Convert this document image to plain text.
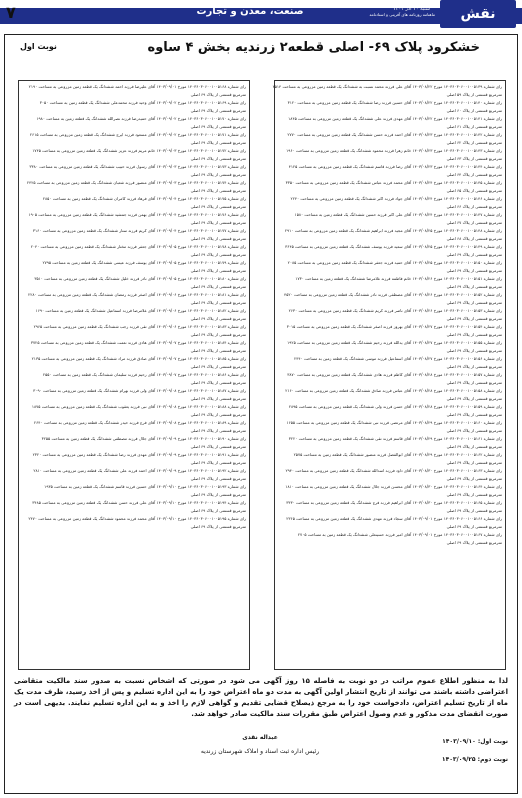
۷	صنعت، معدن و تجارت	ماهنامه روزنامه های آفرینی و اسنادنامه
شنبه ۱۰ آذر ۱۴۰۳	نقش
خشکرود پلاک ۶۹- اصلی قطعه۲ زرندیه بخش ۴ ساوه
نوبت اول
رای شماره ۱۴۰۳۶۰۳۰۶۰۰۱۰۰۵۱۳۹ مورخ ۱۴۰۳/۰۸/۲۲ آقای علی فرزند محمد نسبت به ششدانگ یک قطعه زمین مزروعی به مساحت ۲۵۱۴
مترمربع قسمتی از پلاک ۵۹ اصلی
رای شماره ۱۴۰۳۶۰۳۰۶۰۰۱۰۰۵۱۴۰ مورخ ۱۴۰۳/۰۸/۲۲ آقای حسین فرزند رضا ششدانگ یک قطعه زمین مزروعی به مساحت ۳۱۲۰
مترمربع قسمتی از پلاک ۶۰ اصلی
رای شماره ۱۴۰۳۶۰۳۰۶۰۰۱۰۰۵۱۴۱ مورخ ۱۴۰۳/۰۸/۲۲ آقای مهدی فرزند علی ششدانگ یک قطعه زمین مزروعی به مساحت ۱۸۴۵
مترمربع قسمتی از پلاک ۶۱ اصلی
رای شماره ۱۴۰۳۶۰۳۰۶۰۰۱۰۰۵۱۴۲ مورخ ۱۴۰۳/۰۸/۲۳ آقای احمد فرزند حسن ششدانگ یک قطعه زمین مزروعی به مساحت ۲۷۷۰
مترمربع قسمتی از پلاک ۶۲ اصلی
رای شماره ۱۴۰۳۶۰۳۰۶۰۰۱۰۰۵۱۴۳ مورخ ۱۴۰۳/۰۸/۲۳ خانم زهرا فرزند محمود ششدانگ یک قطعه زمین مزروعی به مساحت ۱۹۶۰
مترمربع قسمتی از پلاک ۶۳ اصلی
رای شماره ۱۴۰۳۶۰۳۰۶۰۰۱۰۰۵۱۴۴ مورخ ۱۴۰۳/۰۸/۲۳ آقای رضا فرزند قاسم ششدانگ یک قطعه زمین مزروعی به مساحت ۴۱۲۵
مترمربع قسمتی از پلاک ۶۴ اصلی
رای شماره ۱۴۰۳۶۰۳۰۶۰۰۱۰۰۵۱۴۵ مورخ ۱۴۰۳/۰۸/۲۴ آقای محمد فرزند عباس ششدانگ یک قطعه زمین مزروعی به مساحت ۳۳۵۰
مترمربع قسمتی از پلاک ۶۵ اصلی
رای شماره ۱۴۰۳۶۰۳۰۶۰۰۱۰۰۵۱۴۶ مورخ ۱۴۰۳/۰۸/۲۴ آقای جواد فرزند اکبر ششدانگ یک قطعه زمین مزروعی به مساحت ۲۲۴۰
مترمربع قسمتی از پلاک ۶۶ اصلی
رای شماره ۱۴۰۳۶۰۳۰۶۰۰۱۰۰۵۱۴۷ مورخ ۱۴۰۳/۰۸/۲۴ آقای علی اکبر فرزند حسین ششدانگ یک قطعه زمین به مساحت ۱۵۸۰
مترمربع قسمتی از پلاک ۶۷ اصلی
رای شماره ۱۴۰۳۶۰۳۰۶۰۰۱۰۰۵۱۴۸ مورخ ۱۴۰۳/۰۸/۲۵ آقای مجید فرزند ابراهیم ششدانگ یک قطعه زمین مزروعی به مساحت ۲۹۱۰
مترمربع قسمتی از پلاک ۶۸ اصلی
رای شماره ۱۴۰۳۶۰۳۰۶۰۰۱۰۰۵۱۴۹ مورخ ۱۴۰۳/۰۸/۲۵ آقای سعید فرزند یوسف ششدانگ یک قطعه زمین مزروعی به مساحت ۳۶۴۵
مترمربع قسمتی از پلاک ۶۹ اصلی
رای شماره ۱۴۰۳۶۰۳۰۶۰۰۱۰۰۵۱۵۰ مورخ ۱۴۰۳/۰۸/۲۵ آقای حمید فرزند جعفر ششدانگ یک قطعه زمین مزروعی به مساحت ۲۰۸۵
مترمربع قسمتی از پلاک ۶۹ اصلی
رای شماره ۱۴۰۳۶۰۳۰۶۰۰۱۰۰۵۱۵۱ مورخ ۱۴۰۳/۰۸/۲۶ خانم فاطمه فرزند غلامرضا ششدانگ یک قطعه زمین به مساحت ۱۷۳۰
مترمربع قسمتی از پلاک ۶۹ اصلی
رای شماره ۱۴۰۳۶۰۳۰۶۰۰۱۰۰۵۱۵۲ مورخ ۱۴۰۳/۰۸/۲۶ آقای مصطفی فرزند نادر ششدانگ یک قطعه زمین مزروعی به مساحت ۴۵۲۰
مترمربع قسمتی از پلاک ۶۹ اصلی
رای شماره ۱۴۰۳۶۰۳۰۶۰۰۱۰۰۵۱۵۳ مورخ ۱۴۰۳/۰۸/۲۶ آقای ناصر فرزند کریم ششدانگ یک قطعه زمین مزروعی به مساحت ۲۶۳۰
مترمربع قسمتی از پلاک ۶۹ اصلی
رای شماره ۱۴۰۳۶۰۳۰۶۰۰۱۰۰۵۱۵۴ مورخ ۱۴۰۳/۰۸/۲۷ آقای بهروز فرزند اصغر ششدانگ یک قطعه زمین مزروعی به مساحت ۳۰۱۵
مترمربع قسمتی از پلاک ۶۹ اصلی
رای شماره ۱۴۰۳۶۰۳۰۶۰۰۱۰۰۵۱۵۵ مورخ ۱۴۰۳/۰۸/۲۷ آقای یدالله فرزند رحیم ششدانگ یک قطعه زمین مزروعی به مساحت ۱۹۲۵
مترمربع قسمتی از پلاک ۶۹ اصلی
رای شماره ۱۴۰۳۶۰۳۰۶۰۰۱۰۰۵۱۵۶ مورخ ۱۴۰۳/۰۸/۲۷ آقای اسماعیل فرزند موسی ششدانگ یک قطعه زمین به مساحت ۲۴۴۰
مترمربع قسمتی از پلاک ۶۹ اصلی
رای شماره ۱۴۰۳۶۰۳۰۶۰۰۱۰۰۵۱۵۷ مورخ ۱۴۰۳/۰۸/۲۸ آقای کاظم فرزند هادی ششدانگ یک قطعه زمین مزروعی به مساحت ۳۸۷۰
مترمربع قسمتی از پلاک ۶۹ اصلی
رای شماره ۱۴۰۳۶۰۳۰۶۰۰۱۰۰۵۱۵۸ مورخ ۱۴۰۳/۰۸/۲۸ آقای عباس فرزند صادق ششدانگ یک قطعه زمین مزروعی به مساحت ۲۱۶۰
مترمربع قسمتی از پلاک ۶۹ اصلی
رای شماره ۱۴۰۳۶۰۳۰۶۰۰۱۰۰۵۱۵۹ مورخ ۱۴۰۳/۰۸/۲۸ آقای حسن فرزند ولی ششدانگ یک قطعه زمین مزروعی به مساحت ۲۸۹۵
مترمربع قسمتی از پلاک ۶۹ اصلی
رای شماره ۱۴۰۳۶۰۳۰۶۰۰۱۰۰۵۱۶۰ مورخ ۱۴۰۳/۰۸/۲۹ آقای مرتضی فرزند نبی ششدانگ یک قطعه زمین مزروعی به مساحت ۱۶۵۵
مترمربع قسمتی از پلاک ۶۹ اصلی
رای شماره ۱۴۰۳۶۰۳۰۶۰۰۱۰۰۵۱۶۱ مورخ ۱۴۰۳/۰۸/۲۹ آقای قاسم فرزند تقی ششدانگ یک قطعه زمین مزروعی به مساحت ۳۲۲۰
مترمربع قسمتی از پلاک ۶۹ اصلی
رای شماره ۱۴۰۳۶۰۳۰۶۰۰۱۰۰۵۱۶۲ مورخ ۱۴۰۳/۰۸/۲۹ آقای ابوالفضل فرزند منصور ششدانگ یک قطعه زمین به مساحت ۲۵۷۵
مترمربع قسمتی از پلاک ۶۹ اصلی
رای شماره ۱۴۰۳۶۰۳۰۶۰۰۱۰۰۵۱۶۳ مورخ ۱۴۰۳/۰۸/۳۰ آقای داود فرزند اسدالله ششدانگ یک قطعه زمین مزروعی به مساحت ۲۹۴۰
مترمربع قسمتی از پلاک ۶۹ اصلی
رای شماره ۱۴۰۳۶۰۳۰۶۰۰۱۰۰۵۱۶۴ مورخ ۱۴۰۳/۰۸/۳۰ آقای محسن فرزند جلال ششدانگ یک قطعه زمین مزروعی به مساحت ۱۸۱۰
مترمربع قسمتی از پلاک ۶۹ اصلی
رای شماره ۱۴۰۳۶۰۳۰۶۰۰۱۰۰۵۱۶۵ مورخ ۱۴۰۳/۰۸/۳۰ آقای ابراهیم فرزند فرج ششدانگ یک قطعه زمین مزروعی به مساحت ۳۴۳۰
مترمربع قسمتی از پلاک ۶۹ اصلی
رای شماره ۱۴۰۳۶۰۳۰۶۰۰۱۰۰۵۱۶۶ مورخ ۱۴۰۳/۰۹/۰۱ آقای سجاد فرزند مهدی ششدانگ یک قطعه زمین مزروعی به مساحت ۲۳۶۵
مترمربع قسمتی از پلاک ۶۹ اصلی
رای شماره ۱۴۰۳۶۰۳۰۶۰۰۱۰۰۵۱۶۷ مورخ ۱۴۰۳/۰۹/۰۱ آقای امیر فرزند حسینعلی ششدانگ یک قطعه زمین به مساحت ۲۷۰۵
مترمربع قسمتی از پلاک ۶۹ اصلی
رای شماره ۱۴۰۳۶۰۳۰۶۰۰۱۰۰۵۱۶۸ مورخ ۱۴۰۳/۰۹/۰۱ آقای علیرضا فرزند احمد ششدانگ یک قطعه زمین مزروعی به مساحت ۲۱۹۰
مترمربع قسمتی از پلاک ۶۹ اصلی
رای شماره ۱۴۰۳۶۰۳۰۶۰۰۱۰۰۵۱۶۹ مورخ ۱۴۰۳/۰۹/۰۲ آقای وحید فرزند محمدعلی ششدانگ یک قطعه زمین به مساحت ۳۰۵۰
مترمربع قسمتی از پلاک ۶۹ اصلی
رای شماره ۱۴۰۳۶۰۳۰۶۰۰۱۰۰۵۱۷۰ مورخ ۱۴۰۳/۰۹/۰۲ آقای حمیدرضا فرزند نصرالله ششدانگ یک قطعه زمین به مساحت ۱۹۸۰
مترمربع قسمتی از پلاک ۶۹ اصلی
رای شماره ۱۴۰۳۶۰۳۰۶۰۰۱۰۰۵۱۷۱ مورخ ۱۴۰۳/۰۹/۰۲ آقای مسعود فرزند ایرج ششدانگ یک قطعه زمین مزروعی به مساحت ۲۶۱۵
مترمربع قسمتی از پلاک ۶۹ اصلی
رای شماره ۱۴۰۳۶۰۳۰۶۰۰۱۰۰۵۱۷۲ مورخ ۱۴۰۳/۰۹/۰۳ خانم مریم فرزند عزیز ششدانگ یک قطعه زمین مزروعی به مساحت ۱۷۴۵
مترمربع قسمتی از پلاک ۶۹ اصلی
رای شماره ۱۴۰۳۶۰۳۰۶۰۰۱۰۰۵۱۷۳ مورخ ۱۴۰۳/۰۹/۰۳ آقای رسول فرزند حبیب ششدانگ یک قطعه زمین مزروعی به مساحت ۳۳۸۰
مترمربع قسمتی از پلاک ۶۹ اصلی
رای شماره ۱۴۰۳۶۰۳۰۶۰۰۱۰۰۵۱۷۴ مورخ ۱۴۰۳/۰۹/۰۳ آقای منصور فرزند شعبان ششدانگ یک قطعه زمین مزروعی به مساحت ۲۴۲۵
مترمربع قسمتی از پلاک ۶۹ اصلی
رای شماره ۱۴۰۳۶۰۳۰۶۰۰۱۰۰۵۱۷۵ مورخ ۱۴۰۳/۰۹/۰۴ آقای فرهاد فرزند کامران ششدانگ یک قطعه زمین به مساحت ۲۸۵۰
مترمربع قسمتی از پلاک ۶۹ اصلی
رای شماره ۱۴۰۳۶۰۳۰۶۰۰۱۰۰۵۱۷۶ مورخ ۱۴۰۳/۰۹/۰۴ آقای بهمن فرزند جمشید ششدانگ یک قطعه زمین مزروعی به مساحت ۱۹۰۵
مترمربع قسمتی از پلاک ۶۹ اصلی
رای شماره ۱۴۰۳۶۰۳۰۶۰۰۱۰۰۵۱۷۷ مورخ ۱۴۰۳/۰۹/۰۴ آقای کریم فرزند ستار ششدانگ یک قطعه زمین مزروعی به مساحت ۳۱۶۰
مترمربع قسمتی از پلاک ۶۹ اصلی
رای شماره ۱۴۰۳۶۰۳۰۶۰۰۱۰۰۵۱۷۸ مورخ ۱۴۰۳/۰۹/۰۵ آقای جعفر فرزند مختار ششدانگ یک قطعه زمین مزروعی به مساحت ۲۰۴۰
مترمربع قسمتی از پلاک ۶۹ اصلی
رای شماره ۱۴۰۳۶۰۳۰۶۰۰۱۰۰۵۱۷۹ مورخ ۱۴۰۳/۰۹/۰۵ آقای یوسف فرزند عیسی ششدانگ یک قطعه زمین به مساحت ۲۷۹۵
مترمربع قسمتی از پلاک ۶۹ اصلی
رای شماره ۱۴۰۳۶۰۳۰۶۰۰۱۰۰۵۱۸۰ مورخ ۱۴۰۳/۰۹/۰۵ آقای نادر فرزند خلیل ششدانگ یک قطعه زمین مزروعی به مساحت ۳۵۱۰
مترمربع قسمتی از پلاک ۶۹ اصلی
رای شماره ۱۴۰۳۶۰۳۰۶۰۰۱۰۰۵۱۸۱ مورخ ۱۴۰۳/۰۹/۰۶ آقای اصغر فرزند رمضان ششدانگ یک قطعه زمین مزروعی به مساحت ۲۲۸۰
مترمربع قسمتی از پلاک ۶۹ اصلی
رای شماره ۱۴۰۳۶۰۳۰۶۰۰۱۰۰۵۱۸۲ مورخ ۱۴۰۳/۰۹/۰۶ آقای غلامرضا فرزند اسماعیل ششدانگ یک قطعه زمین به مساحت ۱۶۹۰
مترمربع قسمتی از پلاک ۶۹ اصلی
رای شماره ۱۴۰۳۶۰۳۰۶۰۰۱۰۰۵۱۸۳ مورخ ۱۴۰۳/۰۹/۰۶ آقای تقی فرزند رجب ششدانگ یک قطعه زمین مزروعی به مساحت ۲۹۶۵
مترمربع قسمتی از پلاک ۶۹ اصلی
رای شماره ۱۴۰۳۶۰۳۰۶۰۰۱۰۰۵۱۸۴ مورخ ۱۴۰۳/۰۹/۰۷ آقای هادی فرزند نعمت ششدانگ یک قطعه زمین مزروعی به مساحت ۳۷۲۵
مترمربع قسمتی از پلاک ۶۹ اصلی
رای شماره ۱۴۰۳۶۰۳۰۶۰۰۱۰۰۵۱۸۵ مورخ ۱۴۰۳/۰۹/۰۷ آقای صادق فرزند مراد ششدانگ یک قطعه زمین مزروعی به مساحت ۲۱۳۵
مترمربع قسمتی از پلاک ۶۹ اصلی
رای شماره ۱۴۰۳۶۰۳۰۶۰۰۱۰۰۵۱۸۶ مورخ ۱۴۰۳/۰۹/۰۷ آقای رحیم فرزند سلیمان ششدانگ یک قطعه زمین به مساحت ۲۵۵۰
مترمربع قسمتی از پلاک ۶۹ اصلی
رای شماره ۱۴۰۳۶۰۳۰۶۰۰۱۰۰۵۱۸۷ مورخ ۱۴۰۳/۰۹/۰۸ آقای ولی فرزند بهرام ششدانگ یک قطعه زمین مزروعی به مساحت ۳۰۹۰
مترمربع قسمتی از پلاک ۶۹ اصلی
رای شماره ۱۴۰۳۶۰۳۰۶۰۰۱۰۰۵۱۸۸ مورخ ۱۴۰۳/۰۹/۰۸ آقای نبی فرزند یعقوب ششدانگ یک قطعه زمین مزروعی به مساحت ۱۸۷۵
مترمربع قسمتی از پلاک ۶۹ اصلی
رای شماره ۱۴۰۳۶۰۳۰۶۰۰۱۰۰۵۱۸۹ مورخ ۱۴۰۳/۰۹/۰۸ آقای فرج فرزند حیدر ششدانگ یک قطعه زمین مزروعی به مساحت ۲۶۴۰
مترمربع قسمتی از پلاک ۶۹ اصلی
رای شماره ۱۴۰۳۶۰۳۰۶۰۰۱۰۰۵۱۹۰ مورخ ۱۴۰۳/۰۹/۰۹ آقای جلال فرزند مصطفی ششدانگ یک قطعه زمین به مساحت ۳۲۵۵
مترمربع قسمتی از پلاک ۶۹ اصلی
رای شماره ۱۴۰۳۶۰۳۰۶۰۰۱۰۰۵۱۹۱ مورخ ۱۴۰۳/۰۹/۰۹ آقای مهدی فرزند رضا ششدانگ یک قطعه زمین مزروعی به مساحت ۲۳۲۰
مترمربع قسمتی از پلاک ۶۹ اصلی
رای شماره ۱۴۰۳۶۰۳۰۶۰۰۱۰۰۵۱۹۲ مورخ ۱۴۰۳/۰۹/۰۹ آقای احمد فرزند علی ششدانگ یک قطعه زمین مزروعی به مساحت ۲۸۱۰
مترمربع قسمتی از پلاک ۶۹ اصلی
رای شماره ۱۴۰۳۶۰۳۰۶۰۰۱۰۰۵۱۹۳ مورخ ۱۴۰۳/۰۹/۱۰ آقای حسین فرزند قاسم ششدانگ یک قطعه زمین به مساحت ۱۹۳۵
مترمربع قسمتی از پلاک ۶۹ اصلی
رای شماره ۱۴۰۳۶۰۳۰۶۰۰۱۰۰۵۱۹۴ مورخ ۱۴۰۳/۰۹/۱۰ آقای علی فرزند حسن ششدانگ یک قطعه زمین مزروعی به مساحت ۳۴۸۵
مترمربع قسمتی از پلاک ۶۹ اصلی
رای شماره ۱۴۰۳۶۰۳۰۶۰۰۱۰۰۵۱۹۵ مورخ ۱۴۰۳/۰۹/۱۰ آقای محمد فرزند محمود ششدانگ یک قطعه زمین مزروعی به مساحت ۲۴۷۰
مترمربع قسمتی از پلاک ۶۹ اصلی
لذا به منظور اطلاع عموم مراتب در دو نوبت به فاصله ۱۵ روز آگهی می شود در صورتی که اشخاص نسبت به صدور سند مالکیت متقاضی اعتراضی داشته باشند می توانند از تاریخ انتشار اولین آگهی به مدت دو ماه اعتراض خود را به این اداره تسلیم و پس از اخذ رسید، ظرف مدت یک ماه از تاریخ تسلیم اعتراض، دادخواست خود را به مرجع ذیصلاح قضایی تقدیم و گواهی لازم را اخذ و به این اداره تسلیم نمایند. بدیهی است در صورت انقضای مدت مذکور و عدم وصول اعتراض طبق مقررات سند مالکیت صادر خواهد شد.
عبداله نقدی
رئیس اداره ثبت اسناد و املاک شهرستان زرندیه
نوبت اول: ۱۴۰۳/۰۹/۱۰
نوبت دوم: ۱۴۰۳/۰۹/۲۵
